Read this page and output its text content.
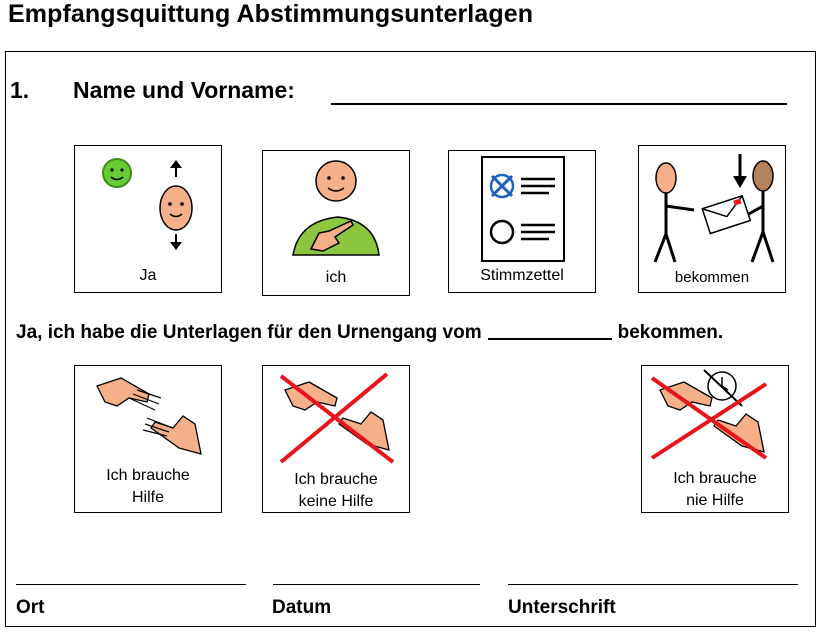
Empfangsquittung Abstimmungsunterlagen
1. Name und Vorname:
Ja	ich	Stimmzettel	bekommen
Ja, ich habe die Unterlagen für den Urnengang vom	bekommen.
Ich brauche
Hilfe
Ich brauche
keine Hilfe
Ich brauche
nie Hilfe
Ort	Datum	Unterschrift
